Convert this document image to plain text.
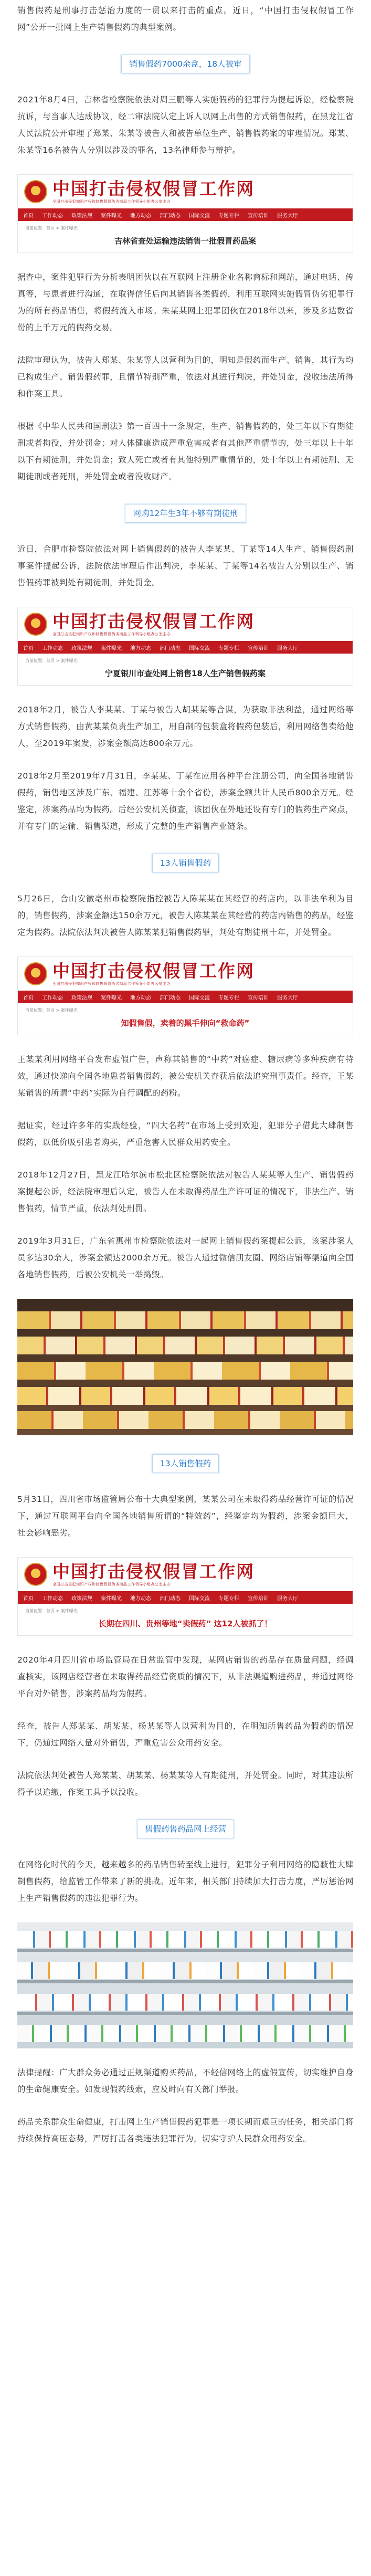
销售假药是刑事打击惩治力度的一贯以来打击的重点。近日，“中国打击侵权假冒工作网”公开一批网上生产销售假药的典型案例。

销售假药7000余盒，18人被审

2021年8月4日，吉林省检察院依法对周三鹏等人实施假药的犯罪行为提起诉讼，经检察院抗诉，与当事人达成协议，经二审法院认定上诉人以网上出售的方式销售假药，在黑龙江省人民法院公开审理了郑某、朱某等被告人和被告单位生产、销售假药案的审理情况。郑某、朱某等16名被告人分别以涉及的罪名，13名律师参与辩护。

中国打击侵权假冒工作网
全国打击侵犯知识产权和制售假冒伪劣商品工作领导小组办公室主办
首页 工作动态 政策法规 案件曝光 地方动态 部门动态 国际交流 专题专栏 宣传培训 服务大厅
当前位置：首页 > 案件曝光
吉林省查处运输违法销售一批假冒药品案

据查中，案件犯罪行为分析表明团伙以在互联网上注册企业名称商标和网站，通过电话、传真等，与患者进行沟通，在取得信任后向其销售各类假药，利用互联网实施假冒伪劣犯罪行为的所有药品销售，将假药流入市场。朱某某网上犯罪团伙在2018年以来，涉及多达数省份的上千万元的假药交易。

法院审理认为，被告人郑某、朱某等人以营利为目的，明知是假药而生产、销售，其行为均已构成生产、销售假药罪，且情节特别严重，依法对其进行判决，并处罚金，没收违法所得和作案工具。

根据《中华人民共和国刑法》第一百四十一条规定，生产、销售假药的，处三年以下有期徒刑或者拘役，并处罚金；对人体健康造成严重危害或者有其他严重情节的，处三年以上十年以下有期徒刑，并处罚金；致人死亡或者有其他特别严重情节的，处十年以上有期徒刑、无期徒刑或者死刑，并处罚金或者没收财产。

网购12年生3年不够有期徒刑

近日，合肥市检察院依法对网上销售假药的被告人李某某、丁某等14人生产、销售假药刑事案件提起公诉，法院依法审理后作出判决，李某某、丁某等14名被告人分别以生产、销售假药罪被判处有期徒刑，并处罚金。

中国打击侵权假冒工作网
全国打击侵犯知识产权和制售假冒伪劣商品工作领导小组办公室主办
首页 工作动态 政策法规 案件曝光 地方动态 部门动态 国际交流 专题专栏 宣传培训 服务大厅
当前位置：首页 > 案件曝光
宁夏银川市查处网上销售18人生产销售假药案

2018年2月，被告人李某某、丁某与被告人胡某某等合谋，为获取非法利益，通过网络等方式销售假药，由黄某某负责生产加工，用自制的包装盒将假药包装后，利用网络售卖给他人，至2019年案发，涉案金额高达800余万元。

2018年2月至2019年7月31日，李某某、丁某在应用各种平台注册公司，向全国各地销售假药，销售地区涉及广东、福建、江苏等十余个省份，涉案金额共计人民币800余万元。经鉴定，涉案药品均为假药。后经公安机关侦查，该团伙在外地还设有专门的假药生产窝点，并有专门的运输、销售渠道，形成了完整的生产销售产业链条。

13人销售假药

5月26日，合山安徽亳州市检察院指控被告人陈某某在其经营的药店内，以非法牟利为目的，销售假药，涉案金额达150余万元，被告人陈某某在其经营的药店内销售的药品，经鉴定为假药。法院依法判决被告人陈某某犯销售假药罪，判处有期徒刑十年，并处罚金。

中国打击侵权假冒工作网
全国打击侵犯知识产权和制售假冒伪劣商品工作领导小组办公室主办
首页 工作动态 政策法规 案件曝光 地方动态 部门动态 国际交流 专题专栏 宣传培训 服务大厅
当前位置：首页 > 案件曝光
知假售假，卖着的黑手伸向“救命药”

王某某利用网络平台发布虚假广告，声称其销售的“中药”对癌症、糖尿病等多种疾病有特效，通过快递向全国各地患者销售假药，被公安机关查获后依法追究刑事责任。经查，王某某销售的所谓“中药”实际为自行调配的药粉。

据证实，经过许多年的实践经验，“四大名药”在市场上受到欢迎，犯罪分子借此大肆制售假药，以低价吸引患者购买，严重危害人民群众用药安全。

2018年12月27日，黑龙江哈尔滨市松北区检察院依法对被告人某某等人生产、销售假药案提起公诉，经法院审理后认定，被告人在未取得药品生产许可证的情况下，非法生产、销售假药，情节严重，依法判处刑罚。

2019年3月31日，广东省惠州市检察院依法对一起网上销售假药案提起公诉，该案涉案人员多达30余人，涉案金额达2000余万元。被告人通过微信朋友圈、网络店铺等渠道向全国各地销售假药，后被公安机关一举捣毁。

13人销售假药

5月31日，四川省市场监管局公布十大典型案例，某某公司在未取得药品经营许可证的情况下，通过互联网平台向全国各地销售所谓的“特效药”，经鉴定均为假药，涉案金额巨大，社会影响恶劣。

中国打击侵权假冒工作网
全国打击侵犯知识产权和制售假冒伪劣商品工作领导小组办公室主办
首页 工作动态 政策法规 案件曝光 地方动态 部门动态 国际交流 专题专栏 宣传培训 服务大厅
当前位置：首页 > 案件曝光
长期在四川、贵州等地“卖假药” 这12人被抓了！

2020年4月四川省市场监管局在日常监管中发现，某网店销售的药品存在质量问题，经调查核实，该网店经营者在未取得药品经营资质的情况下，从非法渠道购进药品，并通过网络平台对外销售，涉案药品均为假药。

经查，被告人郑某某、胡某某、杨某某等人以营利为目的，在明知所售药品为假药的情况下，仍通过网络大量对外销售，严重危害公众用药安全。

法院依法判处被告人郑某某、胡某某、杨某某等人有期徒刑，并处罚金。同时，对其违法所得予以追缴，作案工具予以没收。

售假药售药品网上经营

在网络化时代的今天，越来越多的药品销售转至线上进行，犯罪分子利用网络的隐蔽性大肆制售假药，给监管工作带来了新的挑战。近年来，相关部门持续加大打击力度，严厉惩治网上生产销售假药的违法犯罪行为。

法律提醒：广大群众务必通过正规渠道购买药品，不轻信网络上的虚假宣传，切实维护自身的生命健康安全。如发现假药线索，应及时向有关部门举报。

药品关系群众生命健康，打击网上生产销售假药犯罪是一项长期而艰巨的任务，相关部门将持续保持高压态势，严厉打击各类违法犯罪行为，切实守护人民群众用药安全。
